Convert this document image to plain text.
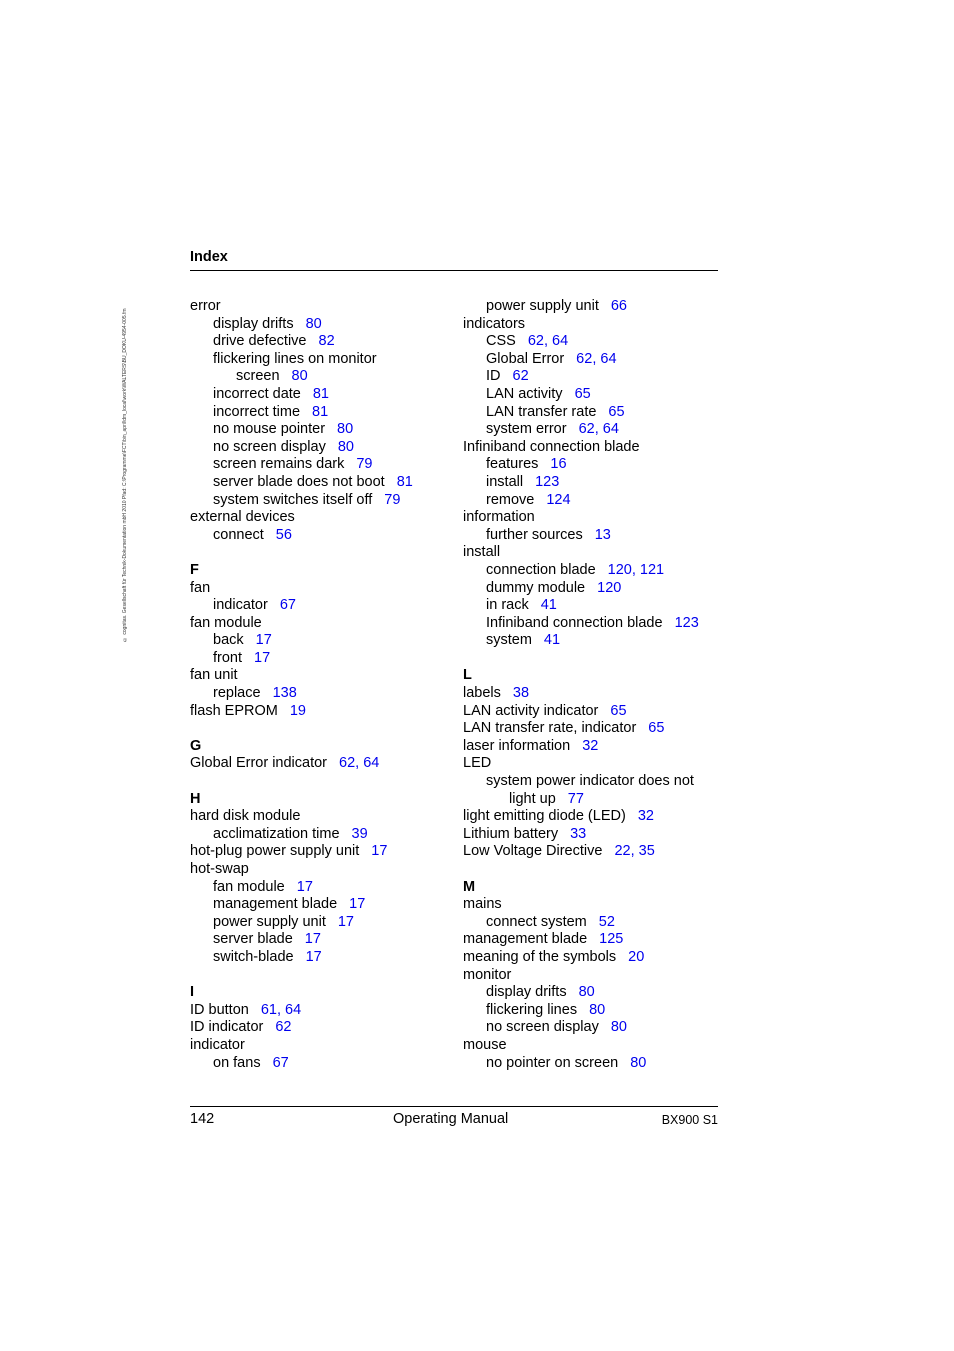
© cognitas. Gesellschaft für Technik-Dokumentation mbH 2010 Pfad: C:\Programme\FCT\bin_april\dm_local\work\WALTERS\BU_DOKU-4954-005.fm
Index
error
display drifts 80
drive defective 82
flickering lines on monitor
screen 80
incorrect date 81
incorrect time 81
no mouse pointer 80
no screen display 80
screen remains dark 79
server blade does not boot 81
system switches itself off 79
external devices
connect 56
F
fan
indicator 67
fan module
back 17
front 17
fan unit
replace 138
flash EPROM 19
G
Global Error indicator 62, 64
H
hard disk module
acclimatization time 39
hot-plug power supply unit 17
hot-swap
fan module 17
management blade 17
power supply unit 17
server blade 17
switch-blade 17
I
ID button 61, 64
ID indicator 62
indicator
on fans 67
power supply unit 66
indicators
CSS 62, 64
Global Error 62, 64
ID 62
LAN activity 65
LAN transfer rate 65
system error 62, 64
Infiniband connection blade
features 16
install 123
remove 124
information
further sources 13
install
connection blade 120, 121
dummy module 120
in rack 41
Infiniband connection blade 123
system 41
L
labels 38
LAN activity indicator 65
LAN transfer rate, indicator 65
laser information 32
LED
system power indicator does not
light up 77
light emitting diode (LED) 32
Lithium battery 33
Low Voltage Directive 22, 35
M
mains
connect system 52
management blade 125
meaning of the symbols 20
monitor
display drifts 80
flickering lines 80
no screen display 80
mouse
no pointer on screen 80
142	Operating Manual	BX900 S1
